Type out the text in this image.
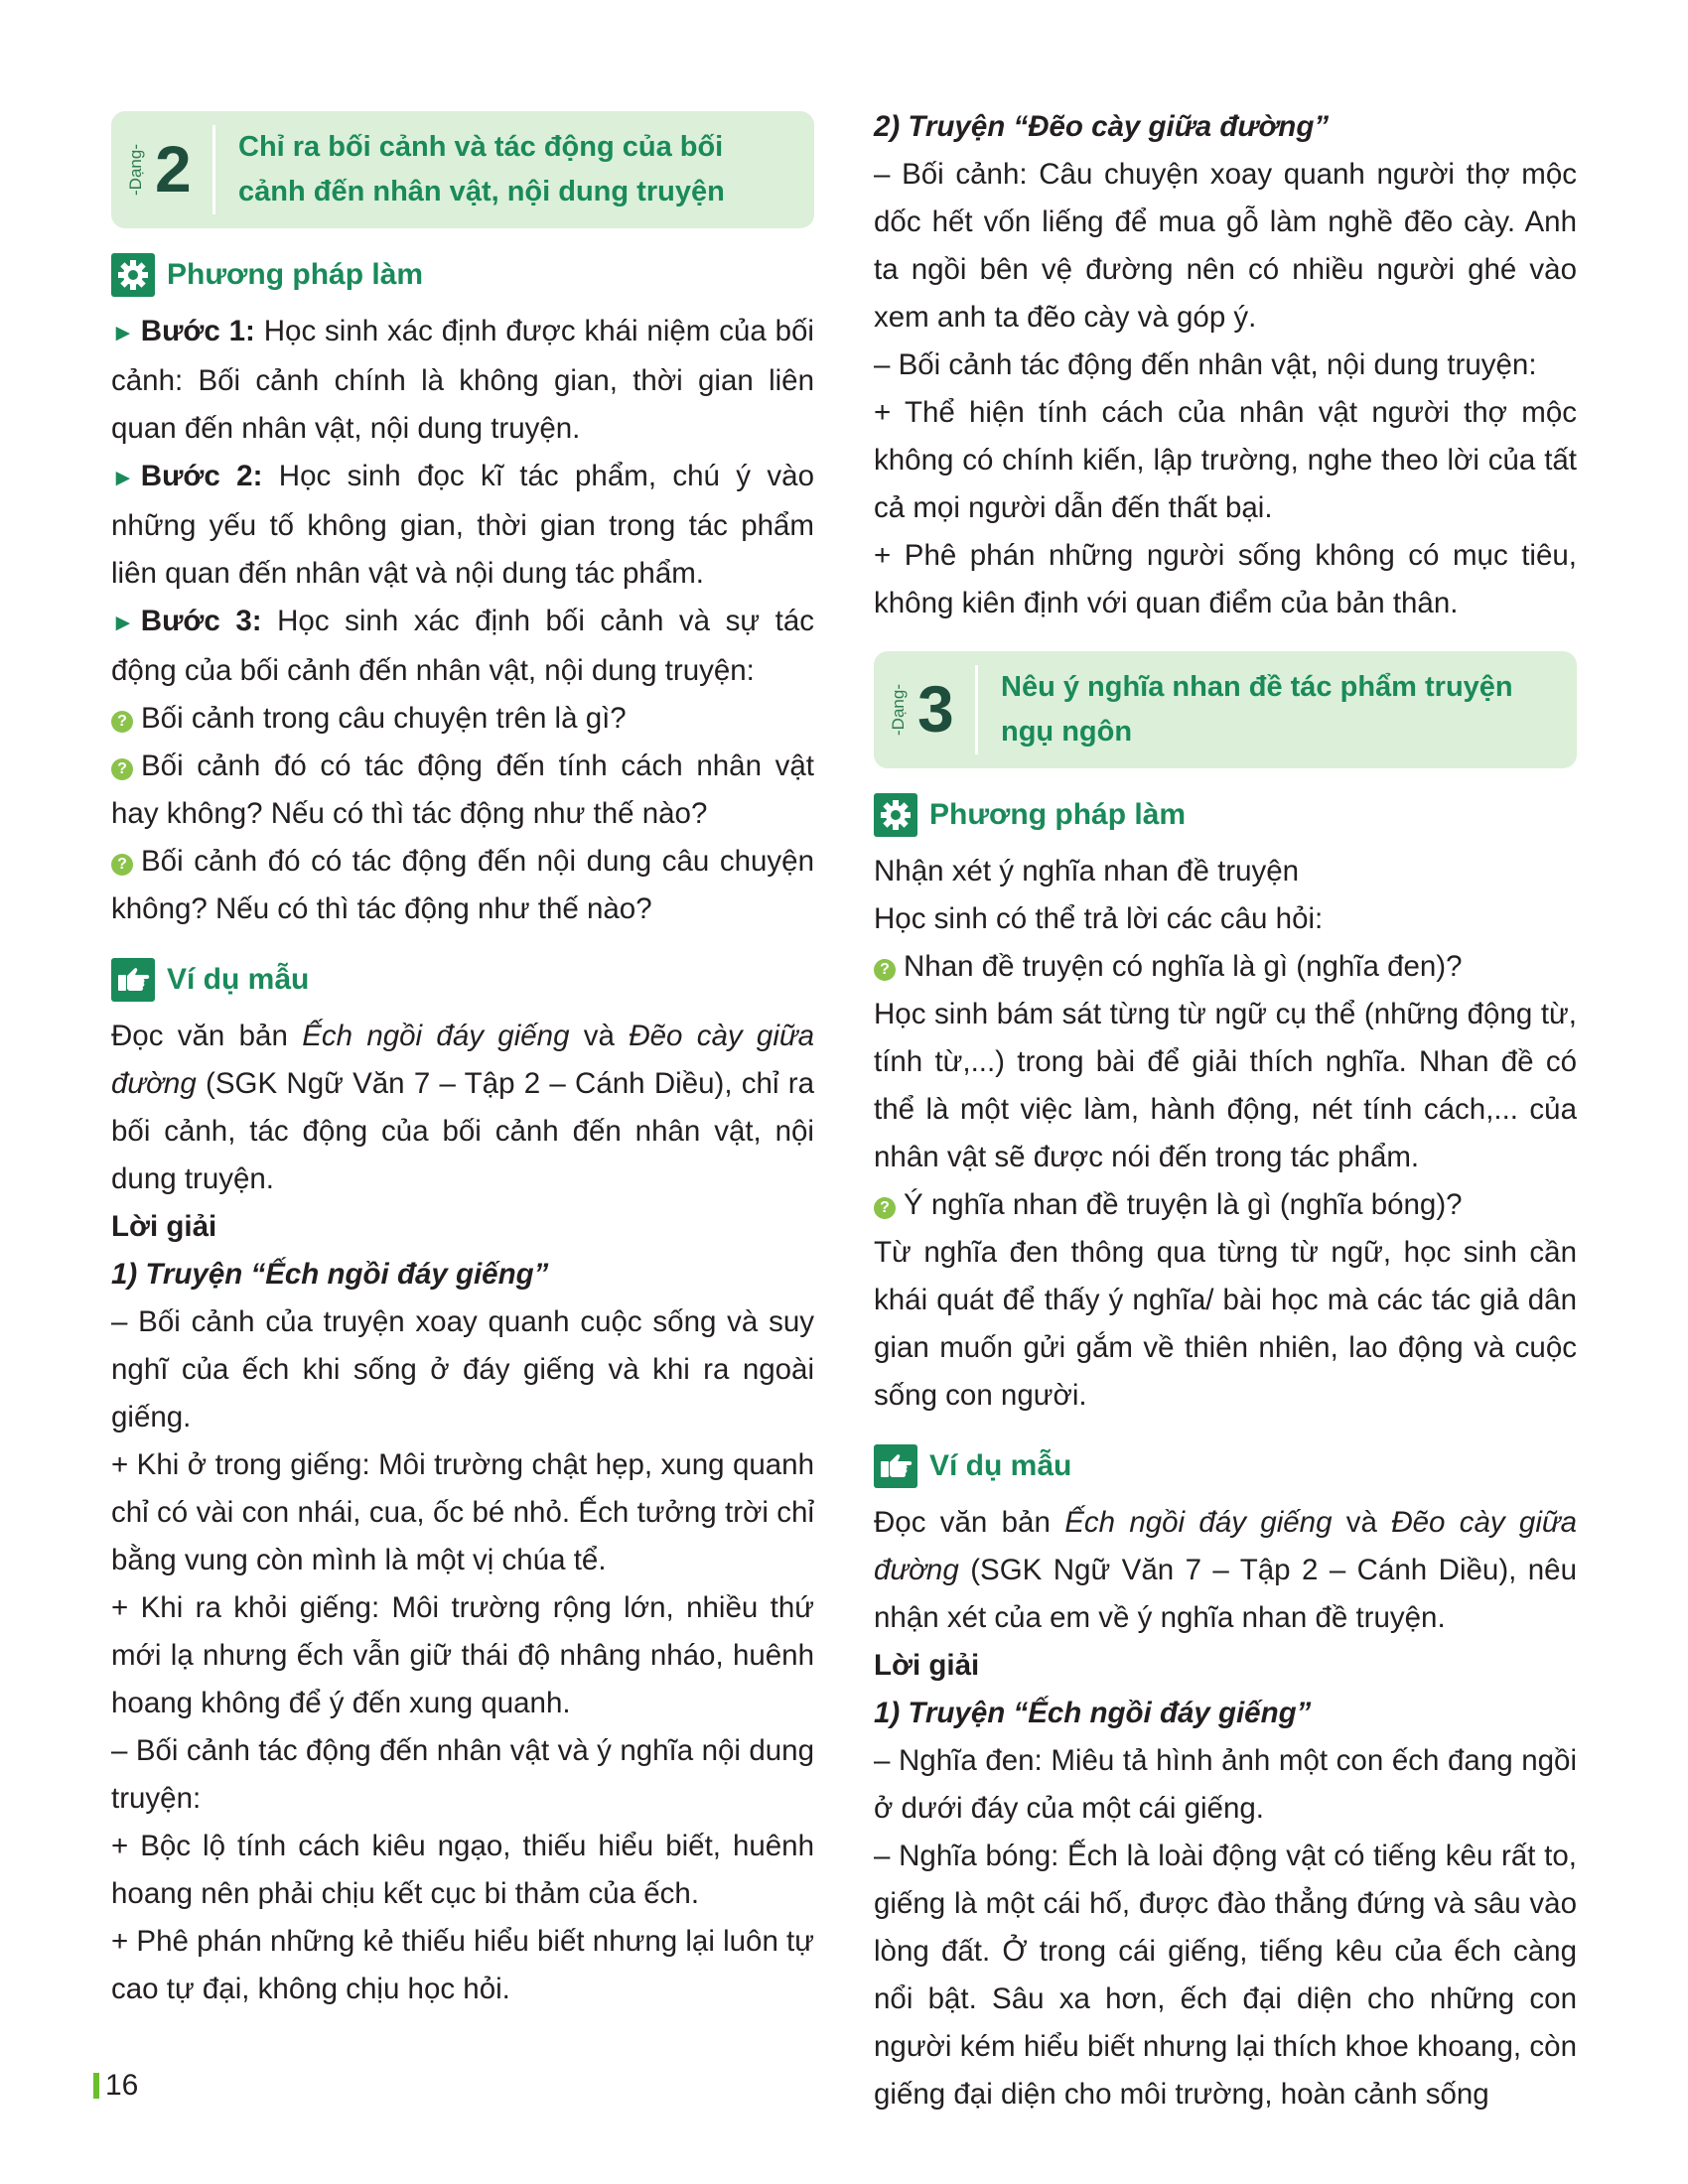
-Dạng- 2 Chỉ ra bối cảnh và tác động của bối cảnh đến nhân vật, nội dung truyện
Phương pháp làm

► Bước 1: Học sinh xác định được khái niệm của bối cảnh: Bối cảnh chính là không gian, thời gian liên quan đến nhân vật, nội dung truyện.

► Bước 2: Học sinh đọc kĩ tác phẩm, chú ý vào những yếu tố không gian, thời gian trong tác phẩm liên quan đến nhân vật và nội dung tác phẩm.

► Bước 3: Học sinh xác định bối cảnh và sự tác động của bối cảnh đến nhân vật, nội dung truyện:

? Bối cảnh trong câu chuyện trên là gì?

? Bối cảnh đó có tác động đến tính cách nhân vật hay không? Nếu có thì tác động như thế nào?

? Bối cảnh đó có tác động đến nội dung câu chuyện không? Nếu có thì tác động như thế nào?

Ví dụ mẫu

Đọc văn bản Ếch ngồi đáy giếng và Đẽo cày giữa đường (SGK Ngữ Văn 7 – Tập 2 – Cánh Diều), chỉ ra bối cảnh, tác động của bối cảnh đến nhân vật, nội dung truyện.

Lời giải

1) Truyện “Ếch ngồi đáy giếng”

– Bối cảnh của truyện xoay quanh cuộc sống và suy nghĩ của ếch khi sống ở đáy giếng và khi ra ngoài giếng.

+ Khi ở trong giếng: Môi trường chật hẹp, xung quanh chỉ có vài con nhái, cua, ốc bé nhỏ. Ếch tưởng trời chỉ bằng vung còn mình là một vị chúa tể.

+ Khi ra khỏi giếng: Môi trường rộng lớn, nhiều thứ mới lạ nhưng ếch vẫn giữ thái độ nhâng nháo, huênh hoang không để ý đến xung quanh.

– Bối cảnh tác động đến nhân vật và ý nghĩa nội dung truyện:

+ Bộc lộ tính cách kiêu ngạo, thiếu hiểu biết, huênh hoang nên phải chịu kết cục bi thảm của ếch.

+ Phê phán những kẻ thiếu hiểu biết nhưng lại luôn tự cao tự đại, không chịu học hỏi.

2) Truyện “Đẽo cày giữa đường”

– Bối cảnh: Câu chuyện xoay quanh người thợ mộc dốc hết vốn liếng để mua gỗ làm nghề đẽo cày. Anh ta ngồi bên vệ đường nên có nhiều người ghé vào xem anh ta đẽo cày và góp ý.

– Bối cảnh tác động đến nhân vật, nội dung truyện:

+ Thể hiện tính cách của nhân vật người thợ mộc không có chính kiến, lập trường, nghe theo lời của tất cả mọi người dẫn đến thất bại.

+ Phê phán những người sống không có mục tiêu, không kiên định với quan điểm của bản thân.

-Dạng- 3 Nêu ý nghĩa nhan đề tác phẩm truyện ngụ ngôn
Phương pháp làm

Nhận xét ý nghĩa nhan đề truyện

Học sinh có thể trả lời các câu hỏi:

? Nhan đề truyện có nghĩa là gì (nghĩa đen)?

Học sinh bám sát từng từ ngữ cụ thể (những động từ, tính từ,...) trong bài để giải thích nghĩa. Nhan đề có thể là một việc làm, hành động, nét tính cách,... của nhân vật sẽ được nói đến trong tác phẩm.

? Ý nghĩa nhan đề truyện là gì (nghĩa bóng)?

Từ nghĩa đen thông qua từng từ ngữ, học sinh cần khái quát để thấy ý nghĩa/ bài học mà các tác giả dân gian muốn gửi gắm về thiên nhiên, lao động và cuộc sống con người.

Ví dụ mẫu

Đọc văn bản Ếch ngồi đáy giếng và Đẽo cày giữa đường (SGK Ngữ Văn 7 – Tập 2 – Cánh Diều), nêu nhận xét của em về ý nghĩa nhan đề truyện.

Lời giải

1) Truyện “Ếch ngồi đáy giếng”

– Nghĩa đen: Miêu tả hình ảnh một con ếch đang ngồi ở dưới đáy của một cái giếng.

– Nghĩa bóng: Ếch là loài động vật có tiếng kêu rất to, giếng là một cái hố, được đào thẳng đứng và sâu vào lòng đất. Ở trong cái giếng, tiếng kêu của ếch càng nổi bật. Sâu xa hơn, ếch đại diện cho những con người kém hiểu biết nhưng lại thích khoe khoang, còn giếng đại diện cho môi trường, hoàn cảnh sống

16
